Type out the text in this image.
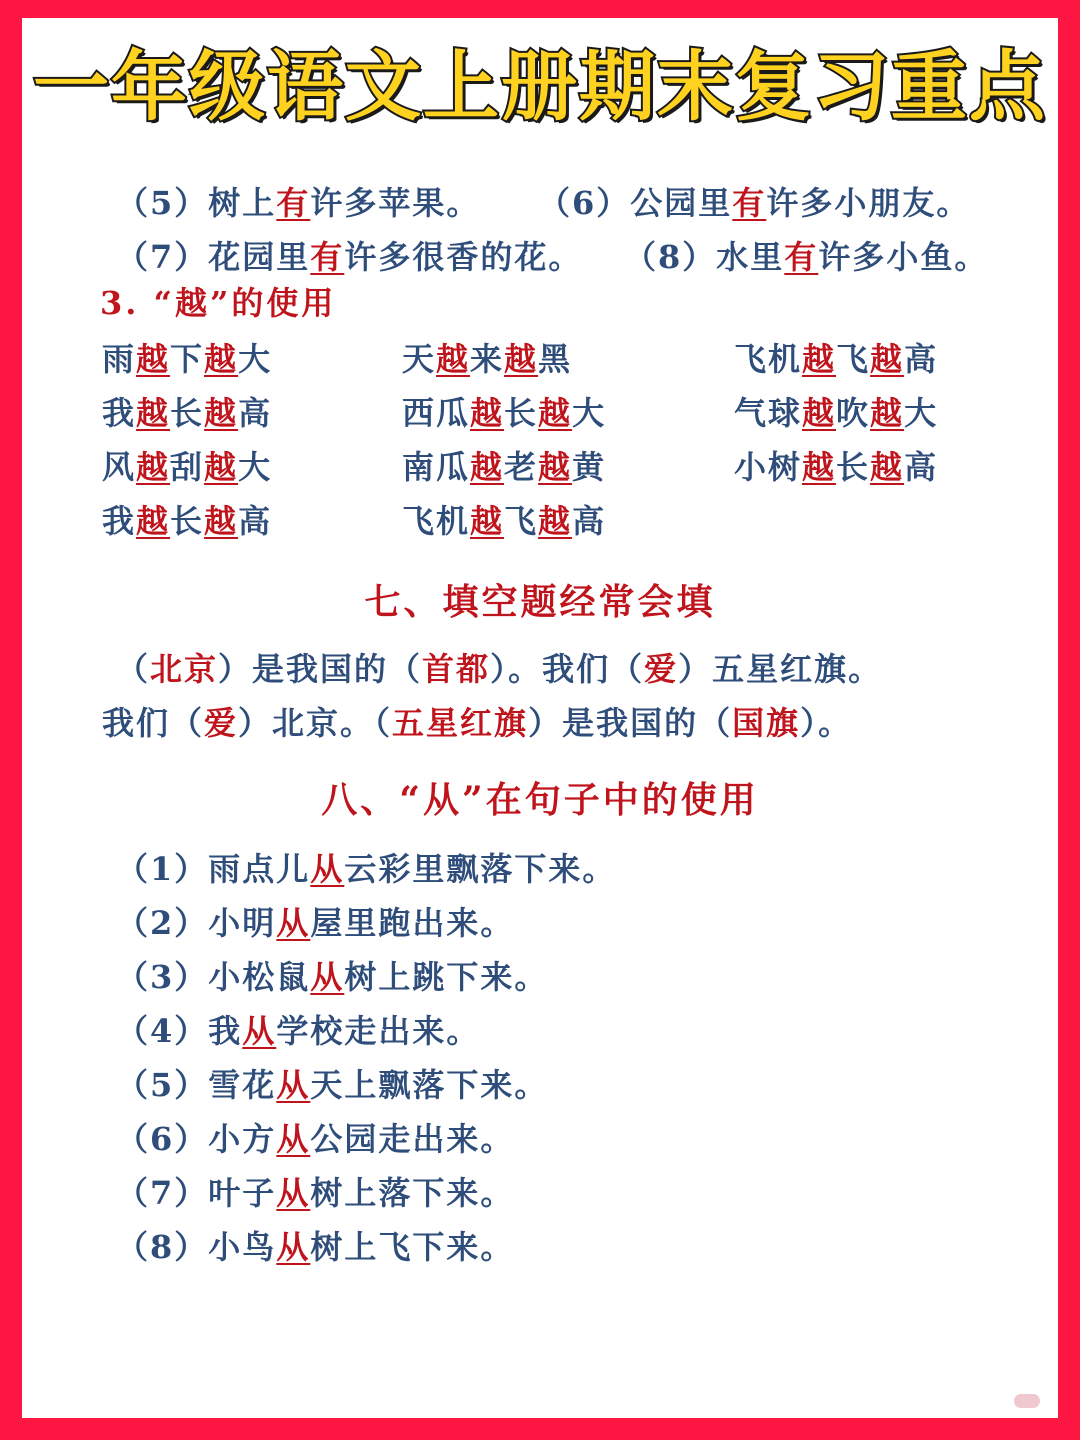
一年级语文上册期末复习重点
（5）树上有许多苹果。 （6）公园里有许多小朋友。
（7）花园里有许多很香的花。 （8）水里有许多小鱼。
3. “越”的使用
雨越下越大	天越来越黑	飞机越飞越高
我越长越高	西瓜越长越大	气球越吹越大
风越刮越大	南瓜越老越黄	小树越长越高
我越长越高	飞机越飞越高
七、填空题经常会填
（北京）是我国的（首都）。我们（爱）五星红旗。
我们（爱）北京。（五星红旗）是我国的（国旗）。
八、“从”在句子中的使用
（1）雨点儿从云彩里飘落下来。
（2）小明从屋里跑出来。
（3）小松鼠从树上跳下来。
（4）我从学校走出来。
（5）雪花从天上飘落下来。
（6）小方从公园走出来。
（7）叶子从树上落下来。
（8）小鸟从树上飞下来。
